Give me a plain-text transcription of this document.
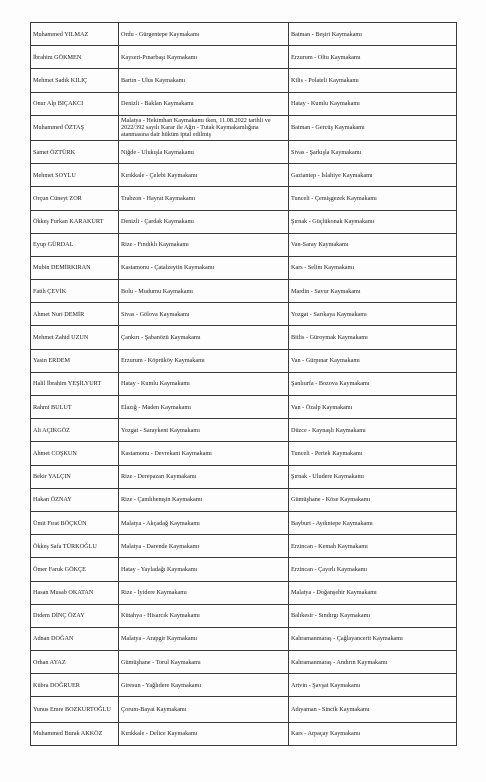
Muhammed YILMAZ	Ordu - Gürgentepe Kaymakamı	Batman - Beşiri Kaymakamı
İbrahim GÖKMEN	Kayseri-Pınarbaşı Kaymakamı	Erzurum - Oltu Kaymakamı
Mehmet Sadık KILIÇ	Bartın - Ulus Kaymakamı	Kilis - Polateli Kaymakamı
Onur Alp BIÇAKCI	Denizli - Baklan Kaymakamı	Hatay - Kumlu Kaymakamı
Muhammed ÖZTAŞ	Malatya - Hekimhan Kaymakamı iken, 11.08.2022 tarihli ve 2022/392 sayılı Karar ile Ağrı - Tutak Kaymakamlığına atanmasına dair hüküm iptal edilmiş	Batman - Gercüş Kaymakamı
Samet ÖZTÜRK	Niğde - Ulukışla Kaymakamı	Sivas - Şarkışla Kaymakamı
Mehmet SOYLU	Kırıkkale - Çelebi Kaymakamı	Gaziantep - İslahiye Kaymakamı
Orçun Cüneyt ZOR	Trabzon - Hayrat Kaymakamı	Tunceli - Çemişgezek Kaymakamı
Ökkeş Furkan KARAKURT	Denizli - Çardak Kaymakamı	Şırnak - Güçlükonak Kaymakamı
Eyup GÜRDAL	Rize - Fındıklı Kaymakamı	Van-Saray Kaymakamı
Mubin DEMİRKIRAN	Kastamonu - Çatalzeytin Kaymakamı	Kars - Selim Kaymakamı
Fatih ÇEVİK	Bolu - Mudurnu Kaymakamı	Mardin - Savur Kaymakamı
Ahmet Nuri DEMİR	Sivas - Gölova Kaymakamı	Yozgat - Sarıkaya Kaymakamı
Mehmet Zahid UZUN	Çankırı - Şabanözü Kaymakamı	Bitlis - Güroymak Kaymakamı
Yasin ERDEM	Erzurum - Köprüköy Kaymakamı	Van - Gürpınar Kaymakamı
Halil İbrahim YEŞİLYURT	Hatay - Kumlu Kaymakamı	Şanlıurfa - Bozova Kaymakamı
Rahmi BULUT	Elazığ - Maden Kaymakamı	Van - Özalp Kaymakamı
Ali AÇIKGÖZ	Yozgat - Saraykent Kaymakamı	Düzce - Kaynaşlı Kaymakamı
Ahmet COŞKUN	Kastamonu - Devrekani Kaymakamı	Tunceli - Pertek Kaymakamı
Bekir YALÇIN	Rize - Derepazarı Kaymakamı	Şırnak - Uludere Kaymakamı
Hakan ÖZNAY	Rize - Çamlıhemşin Kaymakamı	Gümüşhane - Köse Kaymakamı
Ümit Fırat BÖÇKÜN	Malatya - Akçadağ Kaymakamı	Bayburt - Aydıntepe Kaymakamı
Ökkeş Safa TÜRKOĞLU	Malatya - Darende Kaymakamı	Erzincan - Kemah Kaymakamı
Ömer Faruk GÖKÇE	Hatay - Yayladağı Kaymakamı	Erzincan - Çayırlı Kaymakamı
Hasan Musab OKATAN	Rize - İyidere Kaymakamı	Malatya - Doğanşehir Kaymakamı
Didem DİNÇ ÖZAY	Kütahya - Hisarcık Kaymakamı	Balıkesir - Sındırgı Kaymakamı
Adnan DOĞAN	Malatya - Arapgir Kaymakamı	Kahramanmaraş - Çağlayancerit Kaymakamı
Orhan AYAZ	Gümüşhane - Torul Kaymakamı	Kahramanmaraş - Andırın Kaymakamı
Kübra DOĞRUER	Giresun - Yağlıdere Kaymakamı	Artvin - Şavşat Kaymakamı
Yunus Emre BOZKURTOĞLU	Çorum-Bayat Kaymakamı	Adıyaman - Sincik Kaymakamı
Muhammed Burak AKKÖZ	Kırıkkale - Delice Kaymakamı	Kars - Arpaçay Kaymakamı
